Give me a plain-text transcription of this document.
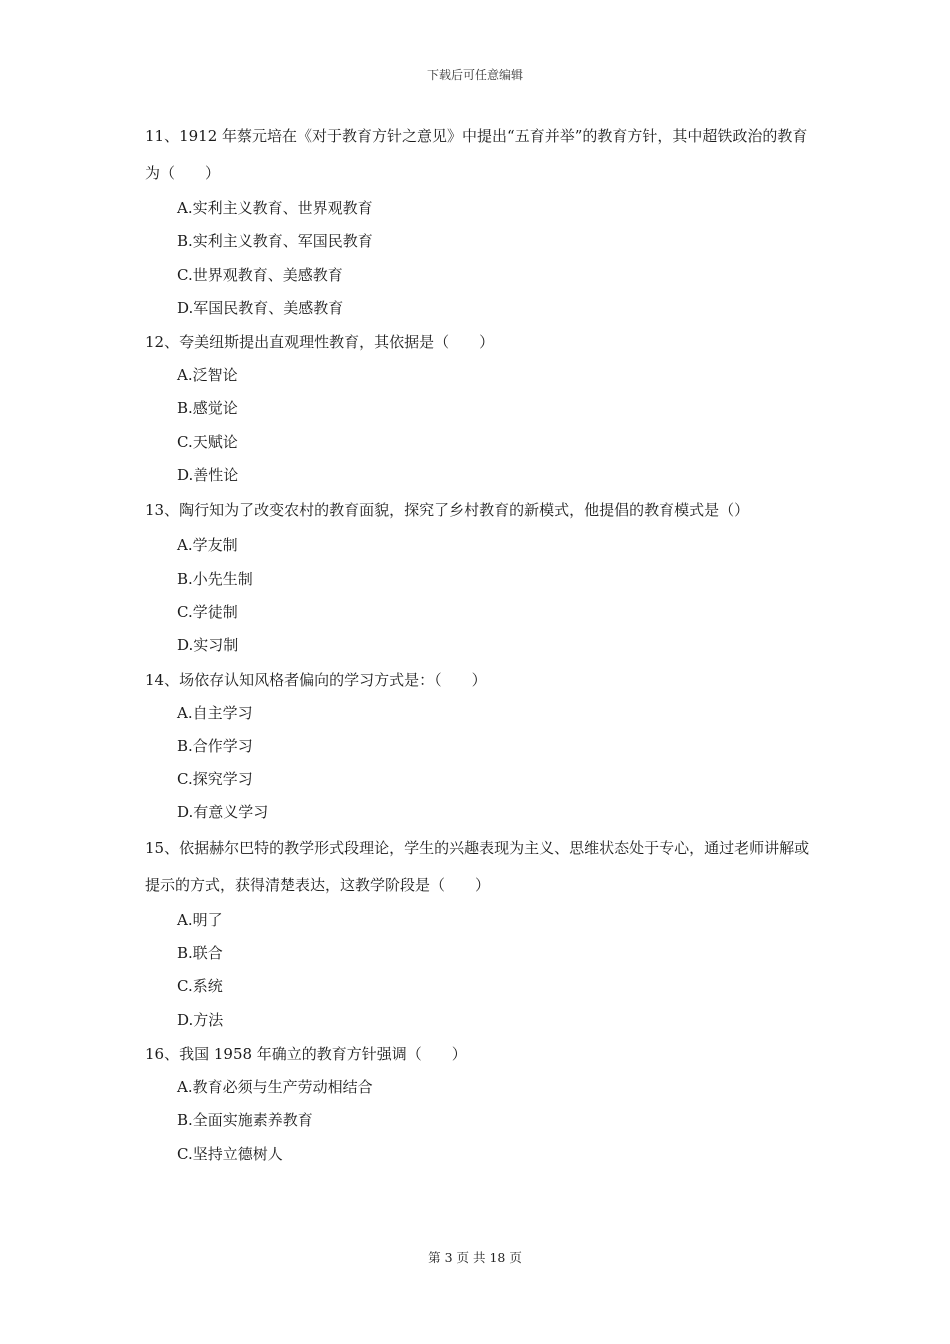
下载后可任意编辑

11、1912 年蔡元培在《对于教育方针之意见》中提出“五育并举”的教育方针，其中超铁政治的教育为（　　）

A.实利主义教育、世界观教育

B.实利主义教育、军国民教育

C.世界观教育、美感教育

D.军国民教育、美感教育

12、夸美纽斯提出直观理性教育，其依据是（　　）

A.泛智论

B.感觉论

C.天赋论

D.善性论

13、陶行知为了改变农村的教育面貌，探究了乡村教育的新模式，他提倡的教育模式是（）

A.学友制

B.小先生制

C.学徒制

D.实习制

14、场依存认知风格者偏向的学习方式是：（　　）

A.自主学习

B.合作学习

C.探究学习

D.有意义学习

15、依据赫尔巴特的教学形式段理论，学生的兴趣表现为主义、思维状态处于专心，通过老师讲解或提示的方式，获得清楚表达，这教学阶段是（　　）

A.明了

B.联合

C.系统

D.方法

16、我国 1958 年确立的教育方针强调（　　）

A.教育必须与生产劳动相结合

B.全面实施素养教育

C.坚持立德树人

第 3 页 共 18 页
